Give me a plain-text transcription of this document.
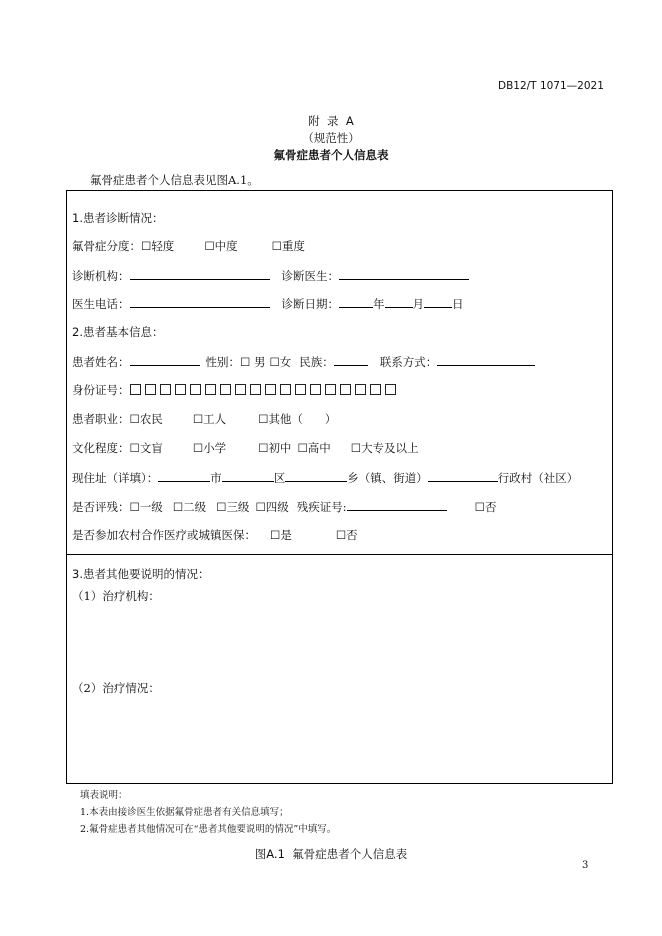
DB12/T 1071—2021
附  录  A
（规范性）
氟骨症患者个人信息表
氟骨症患者个人信息表见图A.1。
1.患者诊断情况：
氟骨症分度：☐轻度	☐中度	☐重度
诊断机构：	诊断医生：
医生电话：	诊断日期：	年 月 日
2.患者基本信息：
患者姓名：	性别：☐ 男 ☐女 民族：	联系方式：
身份证号：
患者职业：☐农民	☐工人	☐其他（      ）
文化程度：☐文盲	☐小学	☐初中 ☐高中 ☐大专及以上
现住址（详填）：	市	区	乡（镇、街道）	行政村（社区）
是否评残：☐一级 ☐二级 ☐三级 ☐四级 残疾证号:	☐否
是否参加农村合作医疗或城镇医保： ☐是	☐否
3.患者其他要说明的情况：
（1）治疗机构：
（2）治疗情况：
填表说明：
1.本表由接诊医生依据氟骨症患者有关信息填写；
2.氟骨症患者其他情况可在“患者其他要说明的情况”中填写。
图A.1  氟骨症患者个人信息表
3
